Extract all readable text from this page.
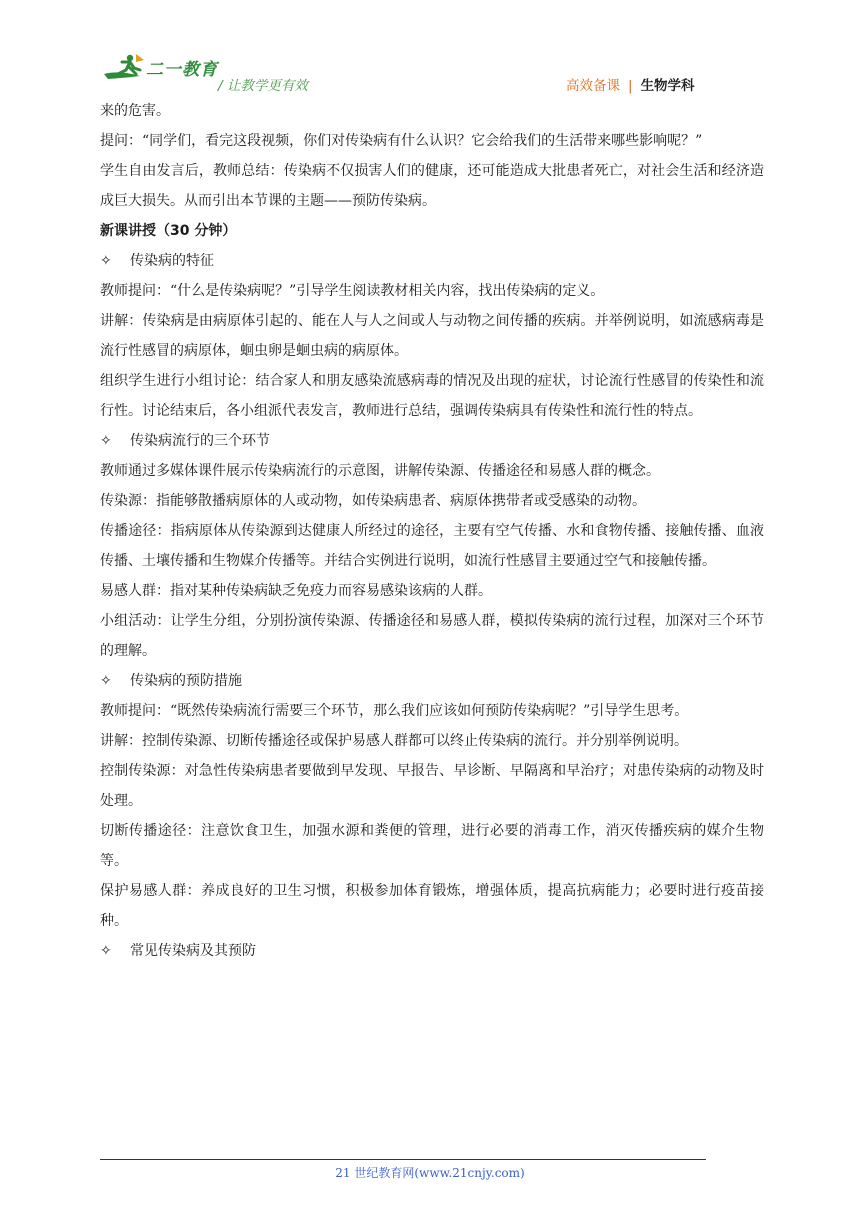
二一教育
/ 让教学更有效	高效备课 | 生物学科

来的危害。

提问：“同学们，看完这段视频，你们对传染病有什么认识？它会给我们的生活带来哪些影响呢？”

学生自由发言后，教师总结：传染病不仅损害人们的健康，还可能造成大批患者死亡，对社会生活和经济造成巨大损失。从而引出本节课的主题——预防传染病。

新课讲授（30 分钟）

✧ 传染病的特征

教师提问：“什么是传染病呢？”引导学生阅读教材相关内容，找出传染病的定义。

讲解：传染病是由病原体引起的、能在人与人之间或人与动物之间传播的疾病。并举例说明，如流感病毒是流行性感冒的病原体，蛔虫卵是蛔虫病的病原体。

组织学生进行小组讨论：结合家人和朋友感染流感病毒的情况及出现的症状，讨论流行性感冒的传染性和流行性。讨论结束后，各小组派代表发言，教师进行总结，强调传染病具有传染性和流行性的特点。

✧ 传染病流行的三个环节

教师通过多媒体课件展示传染病流行的示意图，讲解传染源、传播途径和易感人群的概念。

传染源：指能够散播病原体的人或动物，如传染病患者、病原体携带者或受感染的动物。

传播途径：指病原体从传染源到达健康人所经过的途径，主要有空气传播、水和食物传播、接触传播、血液传播、土壤传播和生物媒介传播等。并结合实例进行说明，如流行性感冒主要通过空气和接触传播。

易感人群：指对某种传染病缺乏免疫力而容易感染该病的人群。

小组活动：让学生分组，分别扮演传染源、传播途径和易感人群，模拟传染病的流行过程，加深对三个环节的理解。

✧ 传染病的预防措施

教师提问：“既然传染病流行需要三个环节，那么我们应该如何预防传染病呢？”引导学生思考。

讲解：控制传染源、切断传播途径或保护易感人群都可以终止传染病的流行。并分别举例说明。

控制传染源：对急性传染病患者要做到早发现、早报告、早诊断、早隔离和早治疗；对患传染病的动物及时处理。

切断传播途径：注意饮食卫生，加强水源和粪便的管理，进行必要的消毒工作，消灭传播疾病的媒介生物等。

保护易感人群：养成良好的卫生习惯，积极参加体育锻炼，增强体质，提高抗病能力；必要时进行疫苗接种。

✧ 常见传染病及其预防

21 世纪教育网(www.21cnjy.com)
